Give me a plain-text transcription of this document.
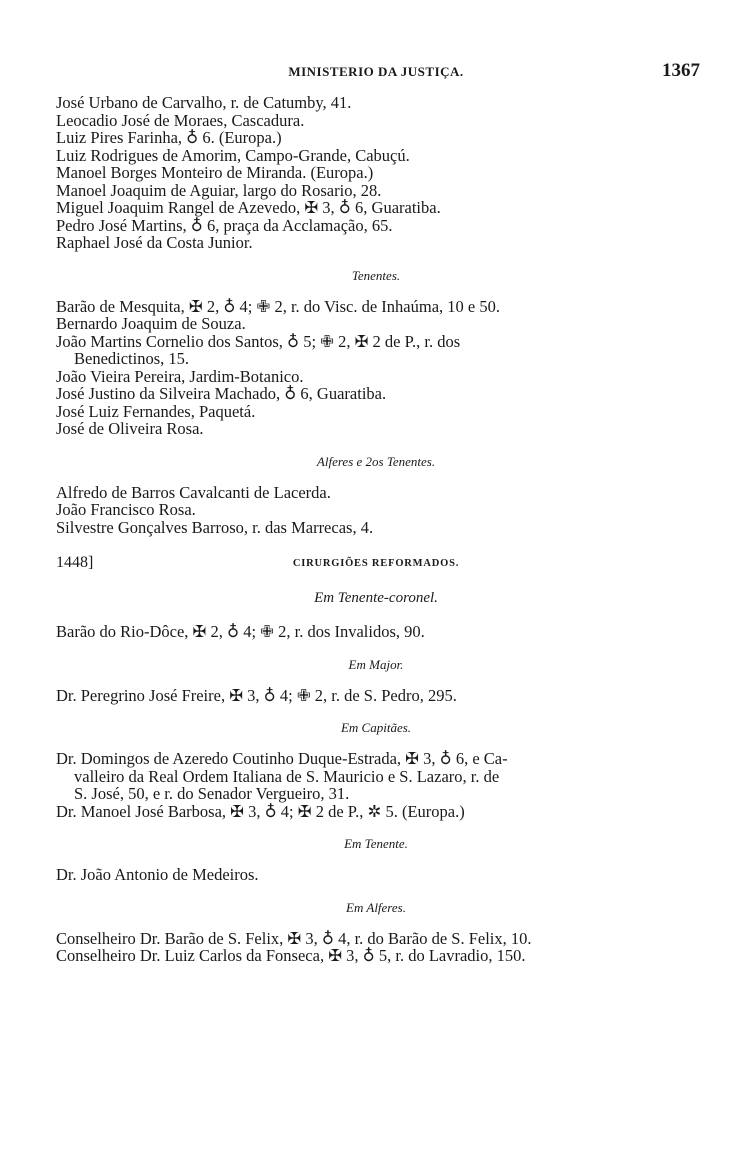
MINISTERIO DA JUSTIÇA.	1367
José Urbano de Carvalho, r. de Catumby, 41.
Leocadio José de Moraes, Cascadura.
Luiz Pires Farinha, ♁ 6. (Europa.)
Luiz Rodrigues de Amorim, Campo-Grande, Cabuçú.
Manoel Borges Monteiro de Miranda. (Europa.)
Manoel Joaquim de Aguiar, largo do Rosario, 28.
Miguel Joaquim Rangel de Azevedo, ✠ 3, ♁ 6, Guaratiba.
Pedro José Martins, ♁ 6, praça da Acclamação, 65.
Raphael José da Costa Junior.
Tenentes.
Barão de Mesquita, ✠ 2, ♁ 4; ✙ 2, r. do Visc. de Inhaúma, 10 e 50.
Bernardo Joaquim de Souza.
João Martins Cornelio dos Santos, ♁ 5; ✙ 2, ✠ 2 de P., r. dos
Benedictinos, 15.
João Vieira Pereira, Jardim-Botanico.
José Justino da Silveira Machado, ♁ 6, Guaratiba.
José Luiz Fernandes, Paquetá.
José de Oliveira Rosa.
Alferes e 2os Tenentes.
Alfredo de Barros Cavalcanti de Lacerda.
João Francisco Rosa.
Silvestre Gonçalves Barroso, r. das Marrecas, 4.
1448]	CIRURGIÕES REFORMADOS.
Em Tenente-coronel.
Barão do Rio-Dôce, ✠ 2, ♁ 4; ✙ 2, r. dos Invalidos, 90.
Em Major.
Dr. Peregrino José Freire, ✠ 3, ♁ 4; ✙ 2, r. de S. Pedro, 295.
Em Capitães.
Dr. Domingos de Azeredo Coutinho Duque-Estrada, ✠ 3, ♁ 6, e Ca-
valleiro da Real Ordem Italiana de S. Mauricio e S. Lazaro, r. de
S. José, 50, e r. do Senador Vergueiro, 31.
Dr. Manoel José Barbosa, ✠ 3, ♁ 4; ✠ 2 de P., ✲ 5. (Europa.)
Em Tenente.
Dr. João Antonio de Medeiros.
Em Alferes.
Conselheiro Dr. Barão de S. Felix, ✠ 3, ♁ 4, r. do Barão de S. Felix, 10.
Conselheiro Dr. Luiz Carlos da Fonseca, ✠ 3, ♁ 5, r. do Lavradio, 150.
